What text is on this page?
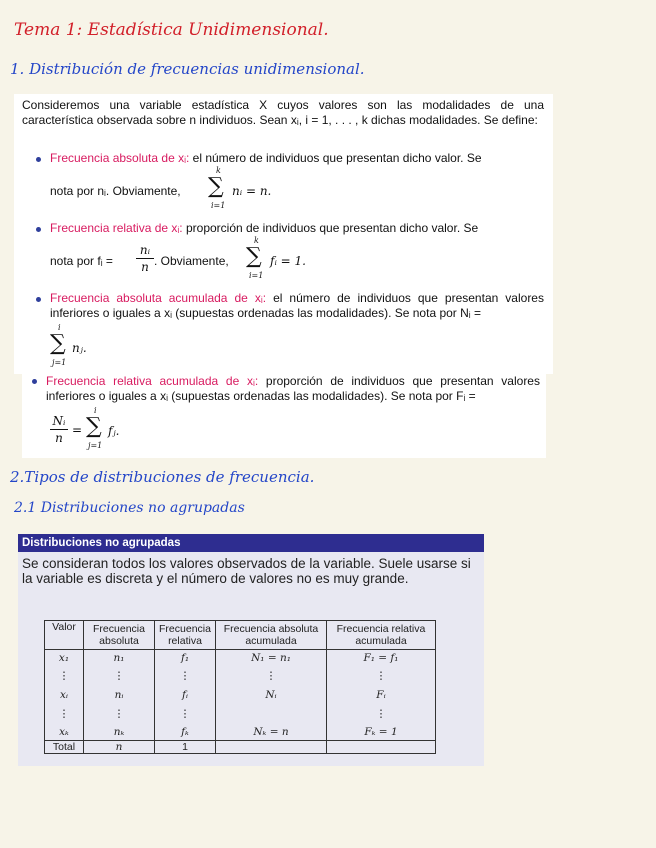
Tema 1: Estadística Unidimensional.
1. Distribución de frecuencias unidimensional.
Consideremos una variable estadística X cuyos valores son las modalidades de una característica observada sobre n individuos. Sean xᵢ, i = 1, . . . , k dichas modalidades. Se define:
Frecuencia absoluta de xᵢ: el número de individuos que presentan dicho valor. Se
nota por nᵢ. Obviamente,
k
∑
i=1
nᵢ = n.
Frecuencia relativa de xᵢ: proporción de individuos que presentan dicho valor. Se
nota por fᵢ =
nᵢ
n . Obviamente,
k
∑
i=1
fᵢ = 1.
Frecuencia absoluta acumulada de xᵢ: el número de individuos que presentan valores inferiores o iguales a xᵢ (supuestas ordenadas las modalidades). Se nota por Nᵢ =
i
∑
j=1
nⱼ.
Frecuencia relativa acumulada de xᵢ: proporción de individuos que presentan valores inferiores o iguales a xᵢ (supuestas ordenadas las modalidades). Se nota por Fᵢ =
Nᵢ
n
=
i
∑
j=1
fⱼ.
2.Tipos de distribuciones de frecuencia.
2.1 Distribuciones no agrupadas
Distribuciones no agrupadas
Se consideran todos los valores observados de la variable. Suele usarse si la variable es discreta y el número de valores no es muy grande.
Valor	Frecuencia absoluta	Frecuencia relativa	Frecuencia absoluta acumulada	Frecuencia relativa acumulada
x₁	n₁	f₁	N₁ = n₁	F₁ = f₁
⋮	⋮	⋮	⋮	⋮
xᵢ	nᵢ	fᵢ	Nᵢ	Fᵢ
⋮	⋮	⋮		⋮
xₖ	nₖ	fₖ	Nₖ = n	Fₖ = 1
Total	n	1		
